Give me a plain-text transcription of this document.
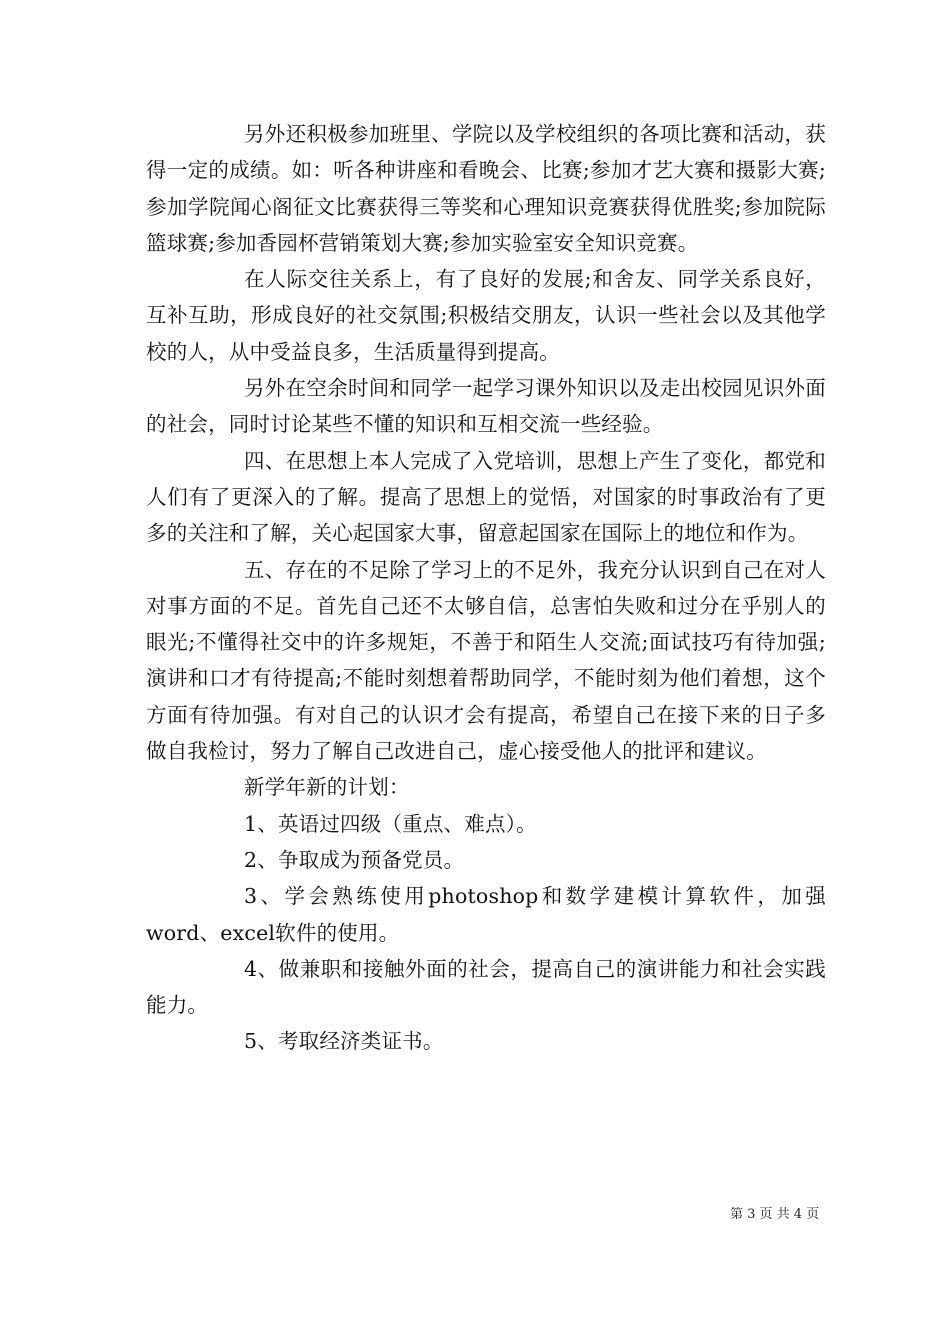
另外还积极参加班里、学院以及学校组织的各项比赛和活动，获得一定的成绩。如：听各种讲座和看晚会、比赛;参加才艺大赛和摄影大赛;参加学院闻心阁征文比赛获得三等奖和心理知识竞赛获得优胜奖;参加院际篮球赛;参加香园杯营销策划大赛;参加实验室安全知识竞赛。

在人际交往关系上，有了良好的发展;和舍友、同学关系良好，互补互助，形成良好的社交氛围;积极结交朋友，认识一些社会以及其他学校的人，从中受益良多，生活质量得到提高。

另外在空余时间和同学一起学习课外知识以及走出校园见识外面的社会，同时讨论某些不懂的知识和互相交流一些经验。

四、在思想上本人完成了入党培训，思想上产生了变化，都党和人们有了更深入的了解。提高了思想上的觉悟，对国家的时事政治有了更多的关注和了解，关心起国家大事，留意起国家在国际上的地位和作为。

五、存在的不足除了学习上的不足外，我充分认识到自己在对人对事方面的不足。首先自己还不太够自信，总害怕失败和过分在乎别人的眼光;不懂得社交中的许多规矩，不善于和陌生人交流;面试技巧有待加强;演讲和口才有待提高;不能时刻想着帮助同学，不能时刻为他们着想，这个方面有待加强。有对自己的认识才会有提高，希望自己在接下来的日子多做自我检讨，努力了解自己改进自己，虚心接受他人的批评和建议。

新学年新的计划：

1、英语过四级（重点、难点）。

2、争取成为预备党员。

3、学会熟练使用photoshop和数学建模计算软件，加强word、excel软件的使用。

4、做兼职和接触外面的社会，提高自己的演讲能力和社会实践能力。

5、考取经济类证书。

第 3 页 共 4 页
